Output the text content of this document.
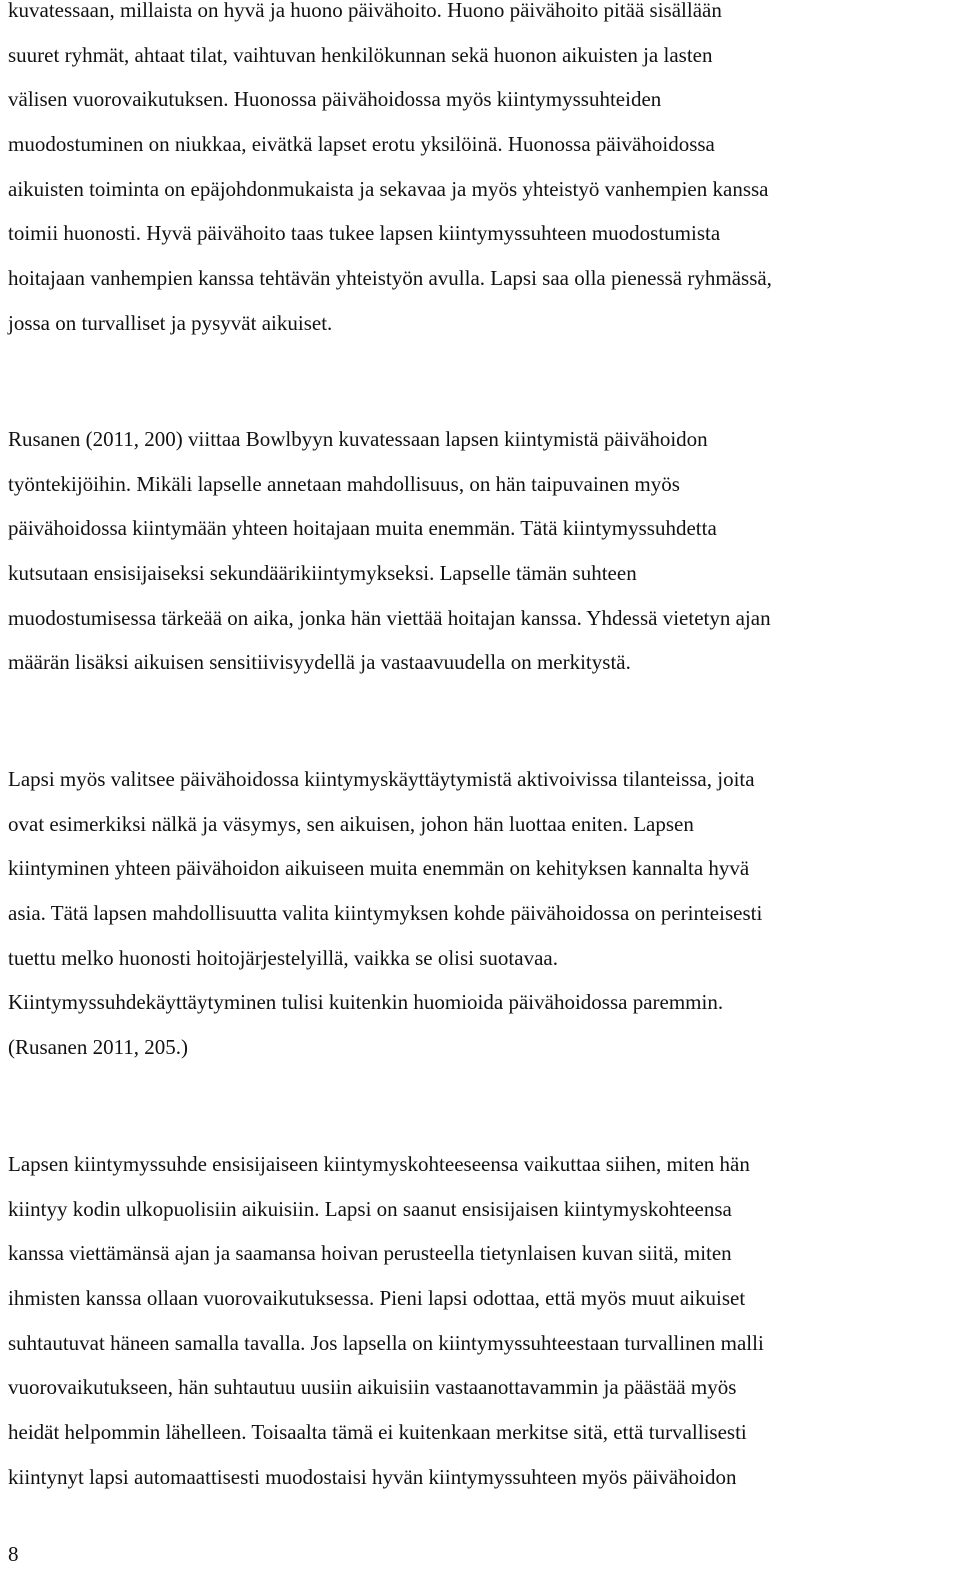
kuvatessaan, millaista on hyvä ja huono päivähoito. Huono päivähoito pitää sisällään
suuret ryhmät, ahtaat tilat, vaihtuvan henkilökunnan sekä huonon aikuisten ja lasten
välisen vuorovaikutuksen. Huonossa päivähoidossa myös kiintymyssuhteiden
muodostuminen on niukkaa, eivätkä lapset erotu yksilöinä. Huonossa päivähoidossa
aikuisten toiminta on epäjohdonmukaista ja sekavaa ja myös yhteistyö vanhempien kanssa
toimii huonosti. Hyvä päivähoito taas tukee lapsen kiintymyssuhteen muodostumista
hoitajaan vanhempien kanssa tehtävän yhteistyön avulla. Lapsi saa olla pienessä ryhmässä,
jossa on turvalliset ja pysyvät aikuiset.
Rusanen (2011, 200) viittaa Bowlbyyn kuvatessaan lapsen kiintymistä päivähoidon
työntekijöihin. Mikäli lapselle annetaan mahdollisuus, on hän taipuvainen myös
päivähoidossa kiintymään yhteen hoitajaan muita enemmän. Tätä kiintymyssuhdetta
kutsutaan ensisijaiseksi sekundäärikiintymykseksi. Lapselle tämän suhteen
muodostumisessa tärkeää on aika, jonka hän viettää hoitajan kanssa. Yhdessä vietetyn ajan
määrän lisäksi aikuisen sensitiivisyydellä ja vastaavuudella on merkitystä.
Lapsi myös valitsee päivähoidossa kiintymyskäyttäytymistä aktivoivissa tilanteissa, joita
ovat esimerkiksi nälkä ja väsymys, sen aikuisen, johon hän luottaa eniten. Lapsen
kiintyminen yhteen päivähoidon aikuiseen muita enemmän on kehityksen kannalta hyvä
asia. Tätä lapsen mahdollisuutta valita kiintymyksen kohde päivähoidossa on perinteisesti
tuettu melko huonosti hoitojärjestelyillä, vaikka se olisi suotavaa.
Kiintymyssuhdekäyttäytyminen tulisi kuitenkin huomioida päivähoidossa paremmin.
(Rusanen 2011, 205.)
Lapsen kiintymyssuhde ensisijaiseen kiintymyskohteeseensa vaikuttaa siihen, miten hän
kiintyy kodin ulkopuolisiin aikuisiin. Lapsi on saanut ensisijaisen kiintymyskohteensa
kanssa viettämänsä ajan ja saamansa hoivan perusteella tietynlaisen kuvan siitä, miten
ihmisten kanssa ollaan vuorovaikutuksessa. Pieni lapsi odottaa, että myös muut aikuiset
suhtautuvat häneen samalla tavalla. Jos lapsella on kiintymyssuhteestaan turvallinen malli
vuorovaikutukseen, hän suhtautuu uusiin aikuisiin vastaanottavammin ja päästää myös
heidät helpommin lähelleen. Toisaalta tämä ei kuitenkaan merkitse sitä, että turvallisesti
kiintynyt lapsi automaattisesti muodostaisi hyvän kiintymyssuhteen myös päivähoidon
8
